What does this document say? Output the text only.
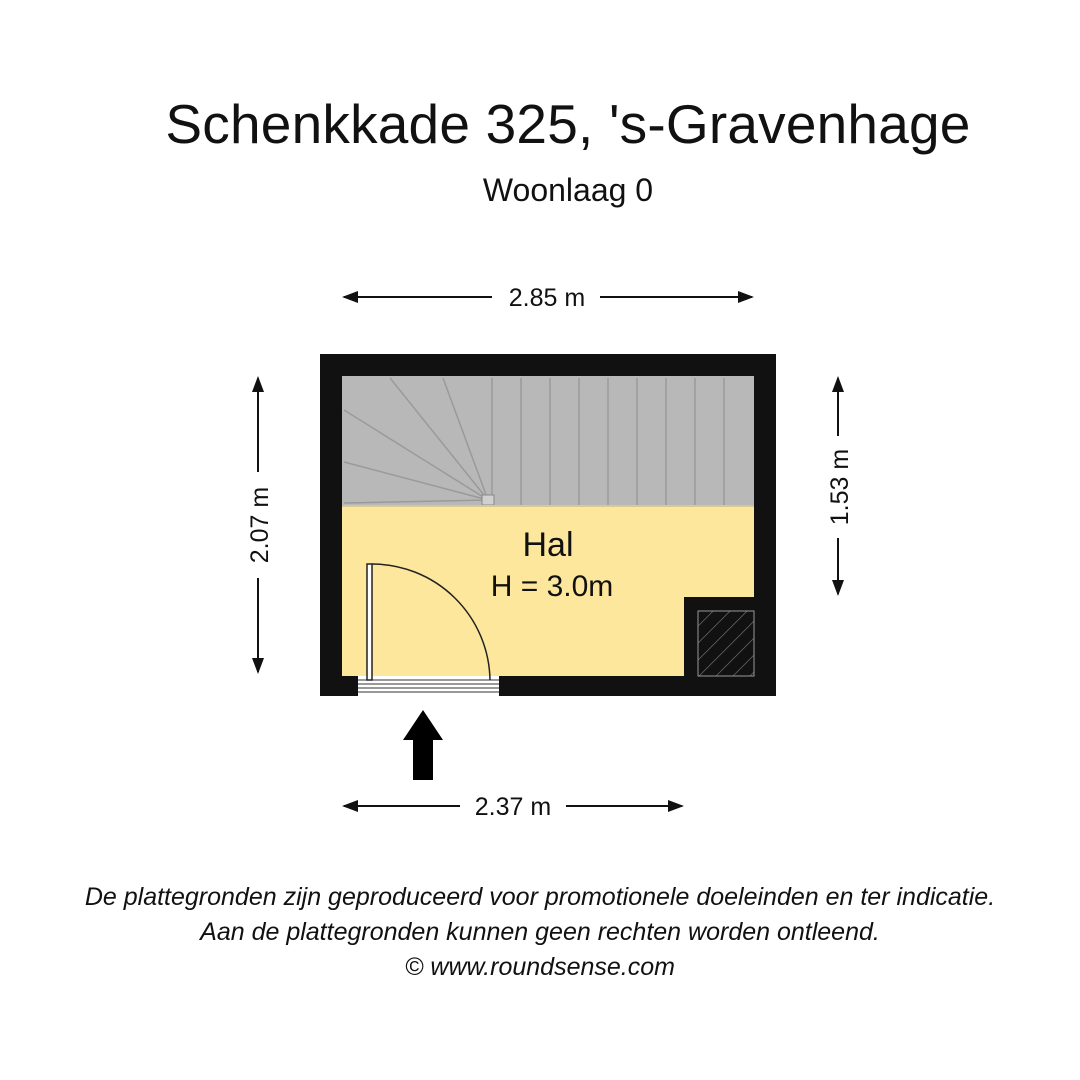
Schenkkade 325, 's-Gravenhage
Woonlaag 0
Hal
H = 3.0m
2.85 m
2.07 m	1.53 m
2.37 m
De plattegronden zijn geproduceerd voor promotionele doeleinden en ter indicatie.
Aan de plattegronden kunnen geen rechten worden ontleend.
© www.roundsense.com
